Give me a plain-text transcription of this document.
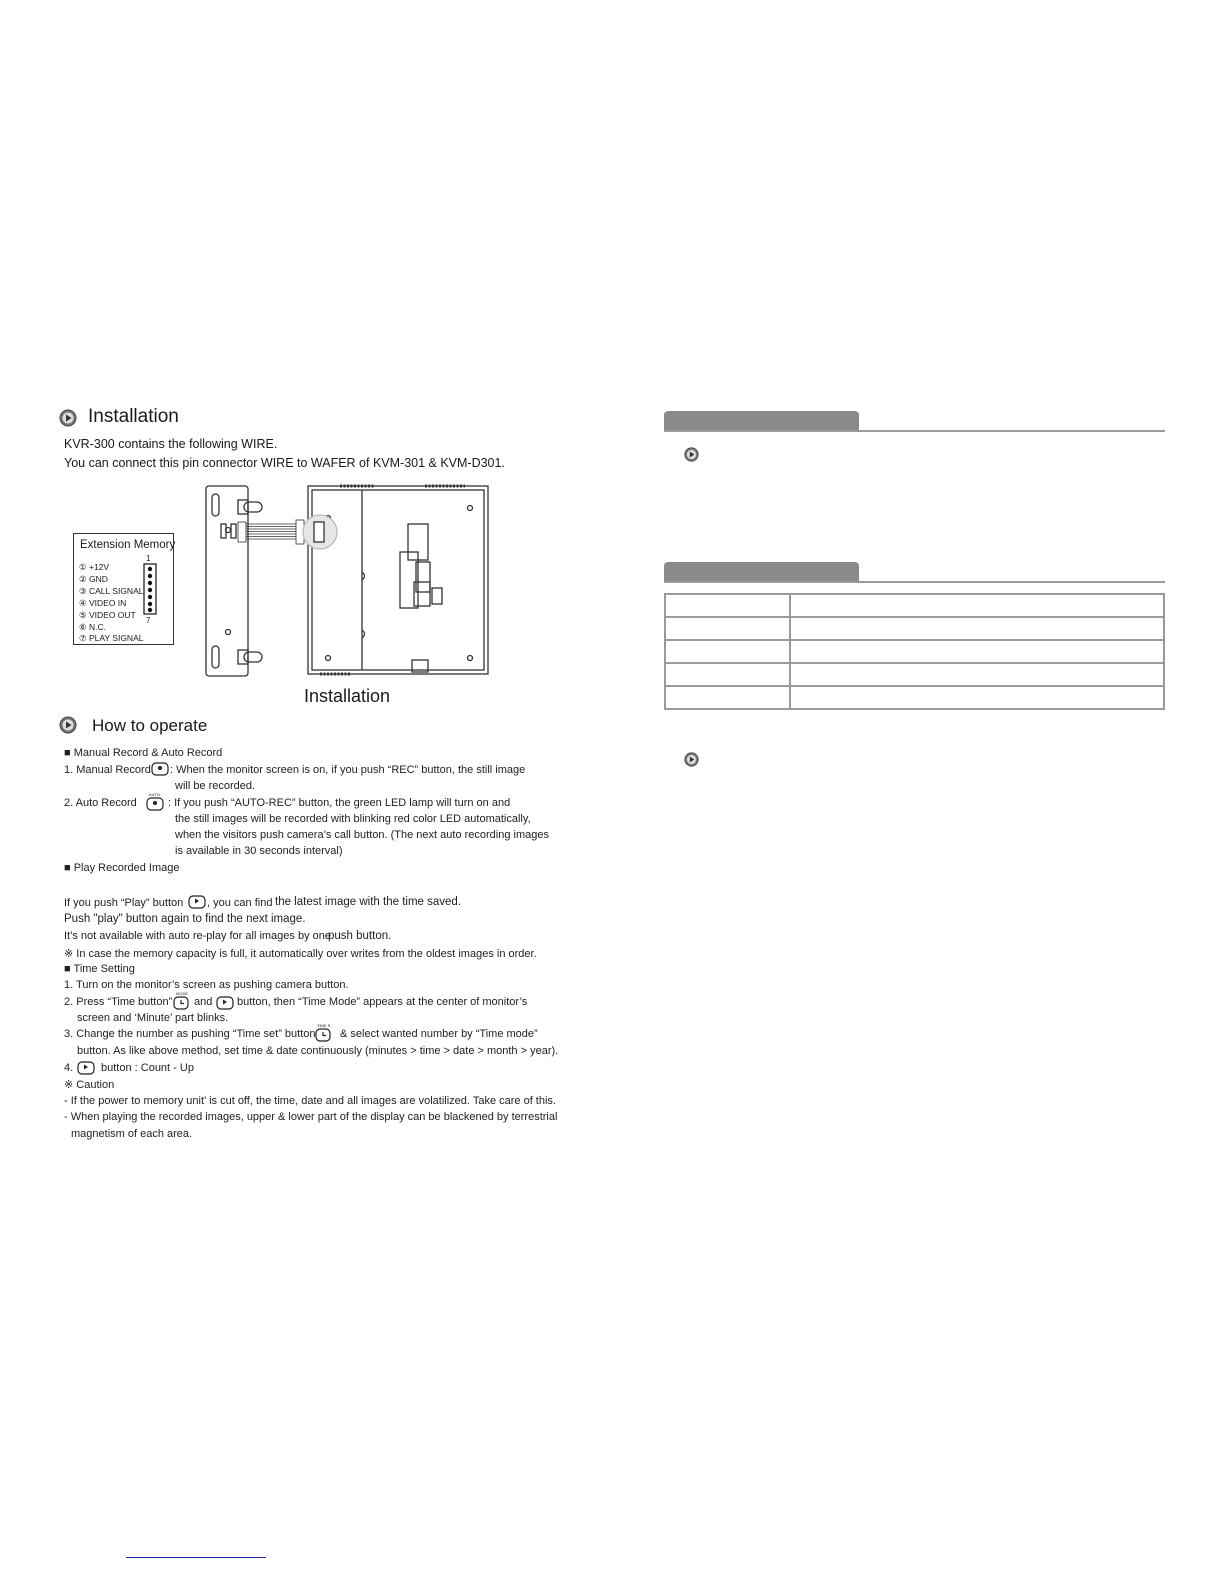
Installation
KVR-300 contains the following WIRE.
You can connect this pin connector WIRE to WAFER of KVM-301 & KVM-D301.
Extension Memory
1
① +12V
② GND
③ CALL SIGNAL
④ VIDEO IN
⑤ VIDEO OUT
⑥ N.C.
⑦ PLAY SIGNAL
7
Installation
How to operate
■ Manual Record & Auto Record
1. Manual Record : When the monitor screen is on, if you push “REC” button, the still image
will be recorded.
2. Auto Record
AUTO
: If you push “AUTO-REC” button, the green LED lamp will turn on and
the still images will be recorded with blinking red color LED automatically,
when the visitors push camera’s call button. (The next auto recording images
is available in 30 seconds interval)
■ Play Recorded Image
If you push “Play” button , you can find the latest image with the time saved.
Push "play" button again to find the next image.
It’s not available with auto re-play for all images by one
push button.
※ In case the memory capacity is full, it automatically over writes from the oldest images in order.
■ Time Setting
1. Turn on the monitor’s screen as pushing camera button.
2. Press “Time button”
MODE
and button, then “Time Mode” appears at the center of monitor’s
screen and ‘Minute’ part blinks.
3. Change the number as pushing “Time set” button
TIME S
& select wanted number by “Time mode”
button. As like above method, set time & date continuously (minutes > time > date > month > year).
4.	button : Count - Up
※ Caution
- If the power to memory unit’ is cut off, the time, date and all images are volatilized. Take care of this.
- When playing the recorded images, upper & lower part of the display can be blackened by terrestrial
magnetism of each area.
